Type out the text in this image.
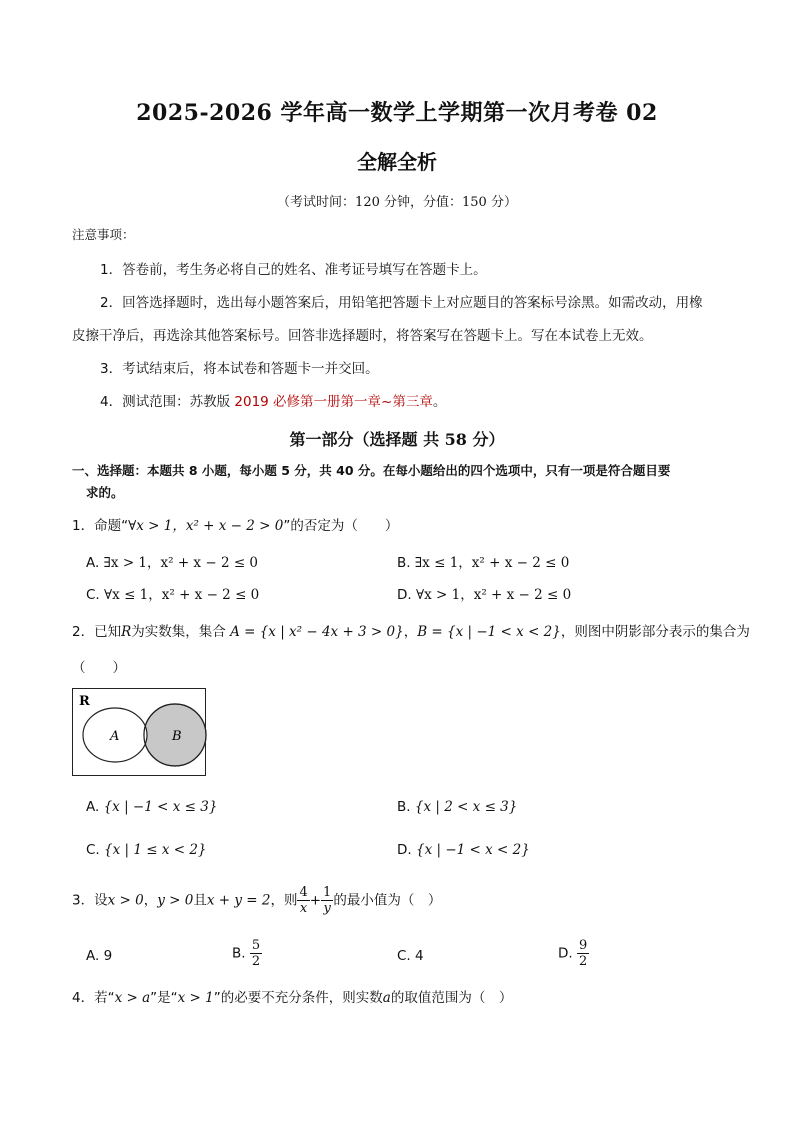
2025-2026 学年高一数学上学期第一次月考卷 02
全解全析
（考试时间：120 分钟，分值：150 分）
注意事项：
1．答卷前，考生务必将自己的姓名、准考证号填写在答题卡上。
2．回答选择题时，选出每小题答案后，用铅笔把答题卡上对应题目的答案标号涂黑。如需改动，用橡
皮擦干净后，再选涂其他答案标号。回答非选择题时，将答案写在答题卡上。写在本试卷上无效。
3．考试结束后，将本试卷和答题卡一并交回。
4．测试范围：苏教版 2019 必修第一册第一章~第三章。
第一部分（选择题 共 58 分）
一、选择题：本题共 8 小题，每小题 5 分，共 40 分。在每小题给出的四个选项中，只有一项是符合题目要
求的。
1．命题“∀x > 1，x² + x − 2 > 0”的否定为（　　）
A. ∃x > 1，x² + x − 2 ≤ 0	B. ∃x ≤ 1，x² + x − 2 ≤ 0
C. ∀x ≤ 1，x² + x − 2 ≤ 0	D. ∀x > 1，x² + x − 2 ≤ 0
2．已知R为实数集，集合 A = {x | x² − 4x + 3 > 0}，B = {x | −1 < x < 2}，则图中阴影部分表示的集合为
（　　）
R
A	B
A. {x | −1 < x ≤ 3}	B. {x | 2 < x ≤ 3}
C. {x | 1 ≤ x < 2}	D. {x | −1 < x < 2}
3．设x > 0，y > 0且x + y = 2，则 $\frac{4}{x} + \frac{1}{y}$ 的最小值为（　）
A. 9	B. $\frac{5}{2}$	C. 4	D. $\frac{9}{2}$
4．若“x > a”是“x > 1”的必要不充分条件，则实数a的取值范围为（　）
